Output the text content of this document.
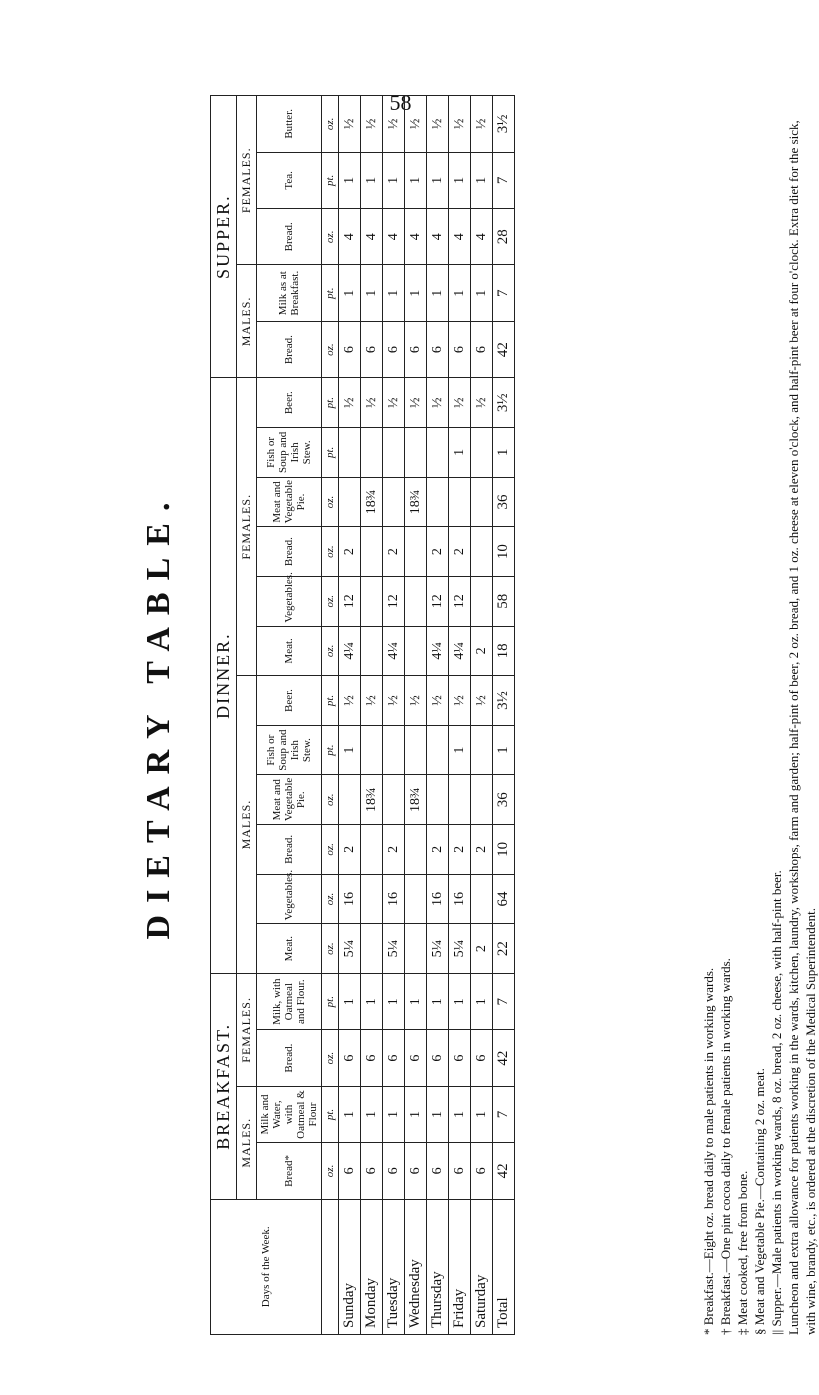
58
DIETARY TABLE.
Days of the Week.	BREAKFAST.				DINNER.												SUPPER.				
	MALES.		FEMALES.		MALES.						FEMALES.						MALES.		FEMALES.		
	Bread*	Milk and Water, with Oatmeal & Flour	Bread.	Milk, with Oatmeal and Flour.	Meat.	Vegetables.	Bread.	Meat and Vegetable Pie.	Fish or Soup and Irish Stew.	Beer.	Meat.	Vegetables.	Bread.	Meat and Vegetable Pie.	Fish or Soup and Irish Stew.	Beer.	Bread.	Milk as at Breakfast.	Bread.	Tea.	Butter.
	oz.	pt.	oz.	pt.	oz.	oz.	oz.	oz.	pt.	pt.	oz.	oz.	oz.	oz.	pt.	pt.	oz.	pt.	oz.	pt.	oz.
Sunday	6	1	6	1	5¼	16	2		1	½	4¼	12	2			½	6	1	4	1	½
Monday	6	1	6	1				18¾		½				18¾		½	6	1	4	1	½
Tuesday	6	1	6	1	5¼	16	2			½	4¼	12	2			½	6	1	4	1	½
Wednesday	6	1	6	1				18¾		½				18¾		½	6	1	4	1	½
Thursday	6	1	6	1	5¼	16	2			½	4¼	12	2			½	6	1	4	1	½
Friday	6	1	6	1	5¼	16	2		1	½	4¼	12	2		1	½	6	1	4	1	½
Saturday	6	1	6	1	2		2			½	2					½	6	1	4	1	½
Total	42	7	42	7	22	64	10	36	1	3½	18	58	10	36	1	3½	42	7	28	7	3½

* Breakfast.—Eight oz. bread daily to male patients in working wards. † Breakfast.—One pint cocoa daily to female patients in working wards. ‡ Meat cooked, free from bone. § Meat and Vegetable Pie.—Containing 2 oz. meat. || Supper.—Male patients in working wards, 8 oz. bread, 2 oz. cheese, with half-pint beer. Luncheon and extra allowance for patients working in the wards, kitchen, laundry, workshops, farm and garden; half-pint of beer, 2 oz. bread, and 1 oz. cheese at eleven o'clock, and half-pint beer at four o'clock. Extra diet for the sick, with wine, brandy, etc., is ordered at the discretion of the Medical Superintendent.
